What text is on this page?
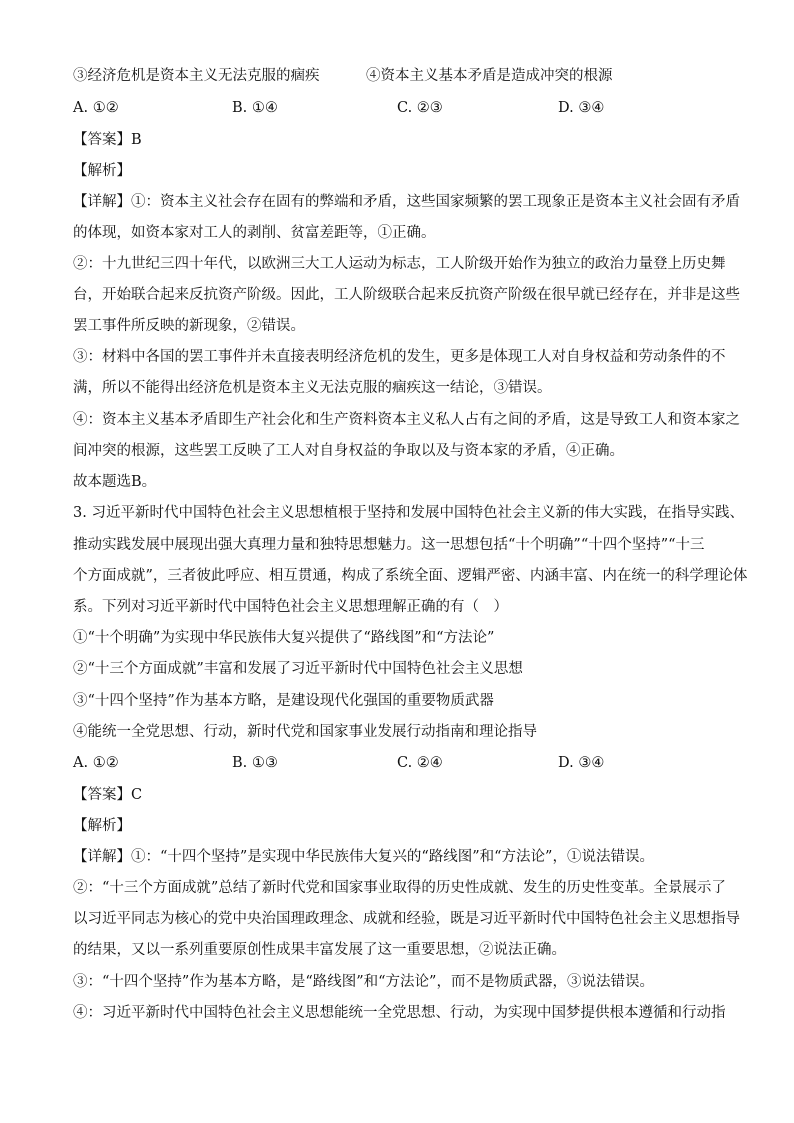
③经济危机是资本主义无法克服的痼疾	④资本主义基本矛盾是造成冲突的根源
A. ①②	B. ①④	C. ②③	D. ③④
【答案】B
【解析】
【详解】①：资本主义社会存在固有的弊端和矛盾，这些国家频繁的罢工现象正是资本主义社会固有矛盾
的体现，如资本家对工人的剥削、贫富差距等，①正确。
②：十九世纪三四十年代，以欧洲三大工人运动为标志，工人阶级开始作为独立的政治力量登上历史舞
台，开始联合起来反抗资产阶级。因此，工人阶级联合起来反抗资产阶级在很早就已经存在，并非是这些
罢工事件所反映的新现象，②错误。
③：材料中各国的罢工事件并未直接表明经济危机的发生，更多是体现工人对自身权益和劳动条件的不
满，所以不能得出经济危机是资本主义无法克服的痼疾这一结论，③错误。
④：资本主义基本矛盾即生产社会化和生产资料资本主义私人占有之间的矛盾，这是导致工人和资本家之
间冲突的根源，这些罢工反映了工人对自身权益的争取以及与资本家的矛盾，④正确。
故本题选B。
3. 习近平新时代中国特色社会主义思想植根于坚持和发展中国特色社会主义新的伟大实践，在指导实践、
推动实践发展中展现出强大真理力量和独特思想魅力。这一思想包括“十个明确”“十四个坚持”“十三
个方面成就”，三者彼此呼应、相互贯通，构成了系统全面、逻辑严密、内涵丰富、内在统一的科学理论体
系。下列对习近平新时代中国特色社会主义思想理解正确的有（　）
①“十个明确”为实现中华民族伟大复兴提供了“路线图”和“方法论”
②“十三个方面成就”丰富和发展了习近平新时代中国特色社会主义思想
③“十四个坚持”作为基本方略，是建设现代化强国的重要物质武器
④能统一全党思想、行动，新时代党和国家事业发展行动指南和理论指导
A. ①②	B. ①③	C. ②④	D. ③④
【答案】C
【解析】
【详解】①：“十四个坚持”是实现中华民族伟大复兴的“路线图”和“方法论”，①说法错误。
②：“十三个方面成就”总结了新时代党和国家事业取得的历史性成就、发生的历史性变革。全景展示了
以习近平同志为核心的党中央治国理政理念、成就和经验，既是习近平新时代中国特色社会主义思想指导
的结果，又以一系列重要原创性成果丰富发展了这一重要思想，②说法正确。
③：“十四个坚持”作为基本方略，是“路线图”和“方法论”，而不是物质武器，③说法错误。
④：习近平新时代中国特色社会主义思想能统一全党思想、行动，为实现中国梦提供根本遵循和行动指
